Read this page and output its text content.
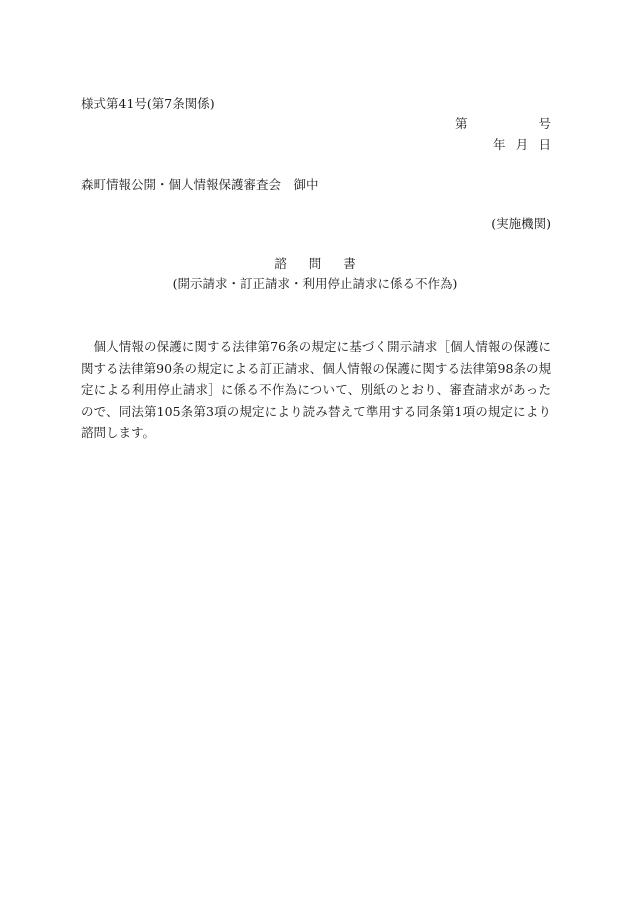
様式第41号(第7条関係)
第	号
年 月 日
森町情報公開・個人情報保護審査会　御中
(実施機関)
諮問書
(開示請求・訂正請求・利用停止請求に係る不作為)
個人情報の保護に関する法律第76条の規定に基づく開示請求［個人情報の保護に関する法律第90条の規定による訂正請求、個人情報の保護に関する法律第98条の規定による利用停止請求］に係る不作為について、別紙のとおり、審査請求があったので、同法第105条第3項の規定により読み替えて準用する同条第1項の規定により諮問します。
